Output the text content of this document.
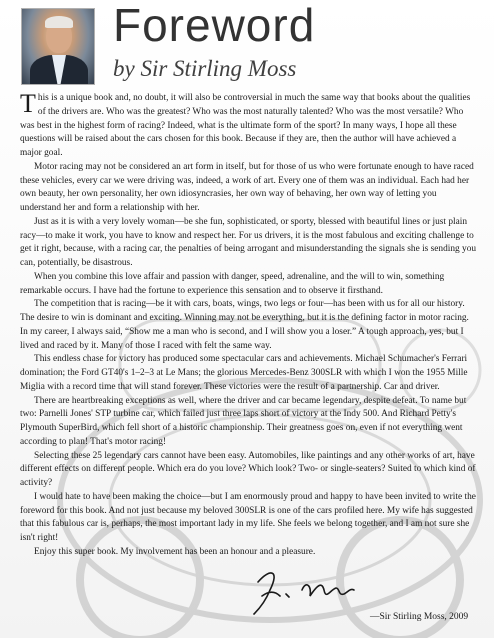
Foreword
by Sir Stirling Moss

This is a unique book and, no doubt, it will also be controversial in much the same way that books about the qualities of the drivers are. Who was the greatest? Who was the most naturally talented? Who was the most versatile? Who was best in the highest form of racing? Indeed, what is the ultimate form of the sport? In many ways, I hope all these questions will be raised about the cars chosen for this book. Because if they are, then the author will have achieved a major goal.

Motor racing may not be considered an art form in itself, but for those of us who were fortunate enough to have raced these vehicles, every car we were driving was, indeed, a work of art. Every one of them was an individual. Each had her own beauty, her own personality, her own idiosyncrasies, her own way of behaving, her own way of letting you understand her and form a relationship with her.

Just as it is with a very lovely woman—be she fun, sophisticated, or sporty, blessed with beautiful lines or just plain racy—to make it work, you have to know and respect her. For us drivers, it is the most fabulous and exciting challenge to get it right, because, with a racing car, the penalties of being arrogant and misunderstanding the signals she is sending you can, potentially, be disastrous.

When you combine this love affair and passion with danger, speed, adrenaline, and the will to win, something remarkable occurs. I have had the fortune to experience this sensation and to observe it firsthand.

The competition that is racing—be it with cars, boats, wings, two legs or four—has been with us for all our history. The desire to win is dominant and exciting. Winning may not be everything, but it is the defining factor in motor racing. In my career, I always said, “Show me a man who is second, and I will show you a loser.” A tough approach, yes, but I lived and raced by it. Many of those I raced with felt the same way.

This endless chase for victory has produced some spectacular cars and achievements. Michael Schumacher's Ferrari domination; the Ford GT40's 1–2–3 at Le Mans; the glorious Mercedes-Benz 300SLR with which I won the 1955 Mille Miglia with a record time that will stand forever. These victories were the result of a partnership. Car and driver.

There are heartbreaking exceptions as well, where the driver and car became legendary, despite defeat. To name but two: Parnelli Jones' STP turbine car, which failed just three laps short of victory at the Indy 500. And Richard Petty's Plymouth SuperBird, which fell short of a historic championship. Their greatness goes on, even if not everything went according to plan! That's motor racing!

Selecting these 25 legendary cars cannot have been easy. Automobiles, like paintings and any other works of art, have different effects on different people. Which era do you love? Which look? Two- or single-seaters? Suited to which kind of activity?

I would hate to have been making the choice—but I am enormously proud and happy to have been invited to write the foreword for this book. And not just because my beloved 300SLR is one of the cars profiled here. My wife has suggested that this fabulous car is, perhaps, the most important lady in my life. She feels we belong together, and I am not sure she isn't right!

Enjoy this super book. My involvement has been an honour and a pleasure.

—Sir Stirling Moss, 2009
